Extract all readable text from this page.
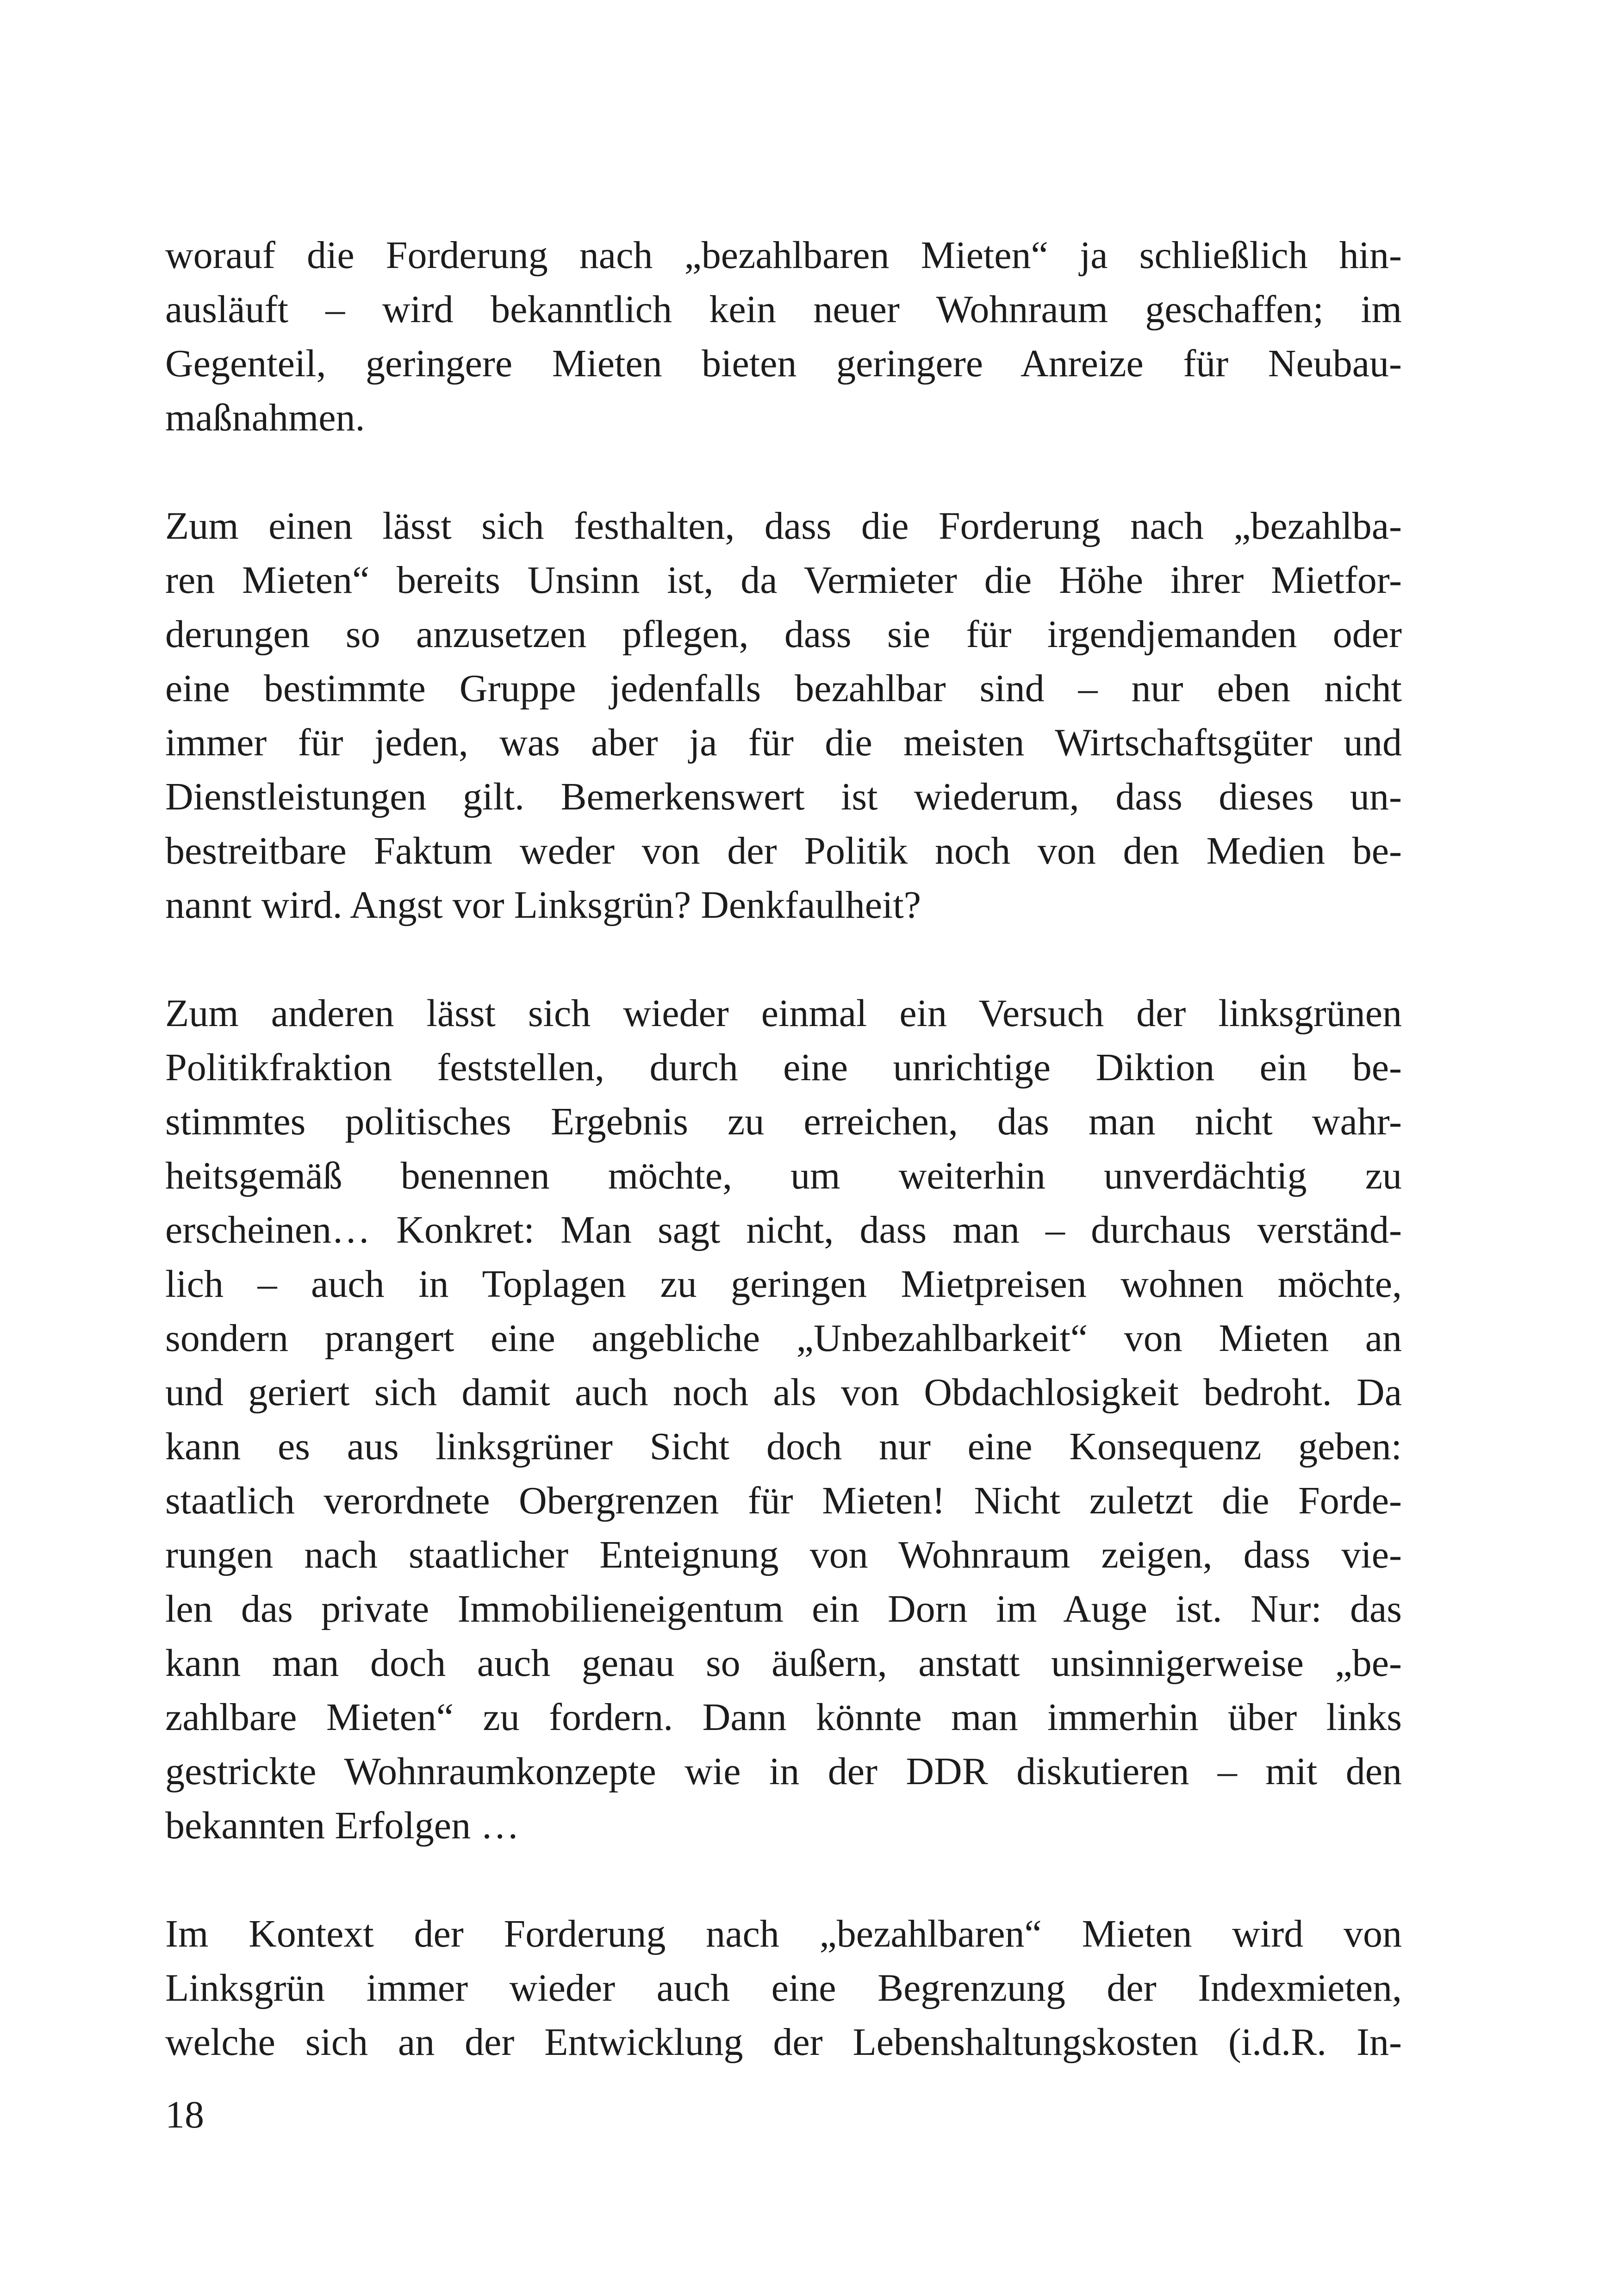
worauf die Forderung nach „bezahlbaren Mieten“ ja schließlich hin-
ausläuft – wird bekanntlich kein neuer Wohnraum geschaffen; im
Gegenteil, geringere Mieten bieten geringere Anreize für Neubau-
maßnahmen.

Zum einen lässt sich festhalten, dass die Forderung nach „bezahlba-
ren Mieten“ bereits Unsinn ist, da Vermieter die Höhe ihrer Mietfor-
derungen so anzusetzen pflegen, dass sie für irgendjemanden oder
eine bestimmte Gruppe jedenfalls bezahlbar sind – nur eben nicht
immer für jeden, was aber ja für die meisten Wirtschaftsgüter und
Dienstleistungen gilt. Bemerkenswert ist wiederum, dass dieses un-
bestreitbare Faktum weder von der Politik noch von den Medien be-
nannt wird. Angst vor Linksgrün? Denkfaulheit?

Zum anderen lässt sich wieder einmal ein Versuch der linksgrünen
Politikfraktion feststellen, durch eine unrichtige Diktion ein be-
stimmtes politisches Ergebnis zu erreichen, das man nicht wahr-
heitsgemäß benennen möchte, um weiterhin unverdächtig zu
erscheinen… Konkret: Man sagt nicht, dass man – durchaus verständ-
lich – auch in Toplagen zu geringen Mietpreisen wohnen möchte,
sondern prangert eine angebliche „Unbezahlbarkeit“ von Mieten an
und geriert sich damit auch noch als von Obdachlosigkeit bedroht. Da
kann es aus linksgrüner Sicht doch nur eine Konsequenz geben:
staatlich verordnete Obergrenzen für Mieten! Nicht zuletzt die Forde-
rungen nach staatlicher Enteignung von Wohnraum zeigen, dass vie-
len das private Immobilieneigentum ein Dorn im Auge ist. Nur: das
kann man doch auch genau so äußern, anstatt unsinnigerweise „be-
zahlbare Mieten“ zu fordern. Dann könnte man immerhin über links
gestrickte Wohnraumkonzepte wie in der DDR diskutieren – mit den
bekannten Erfolgen …

Im Kontext der Forderung nach „bezahlbaren“ Mieten wird von
Linksgrün immer wieder auch eine Begrenzung der Indexmieten,
welche sich an der Entwicklung der Lebenshaltungskosten (i.d.R. In-

18
